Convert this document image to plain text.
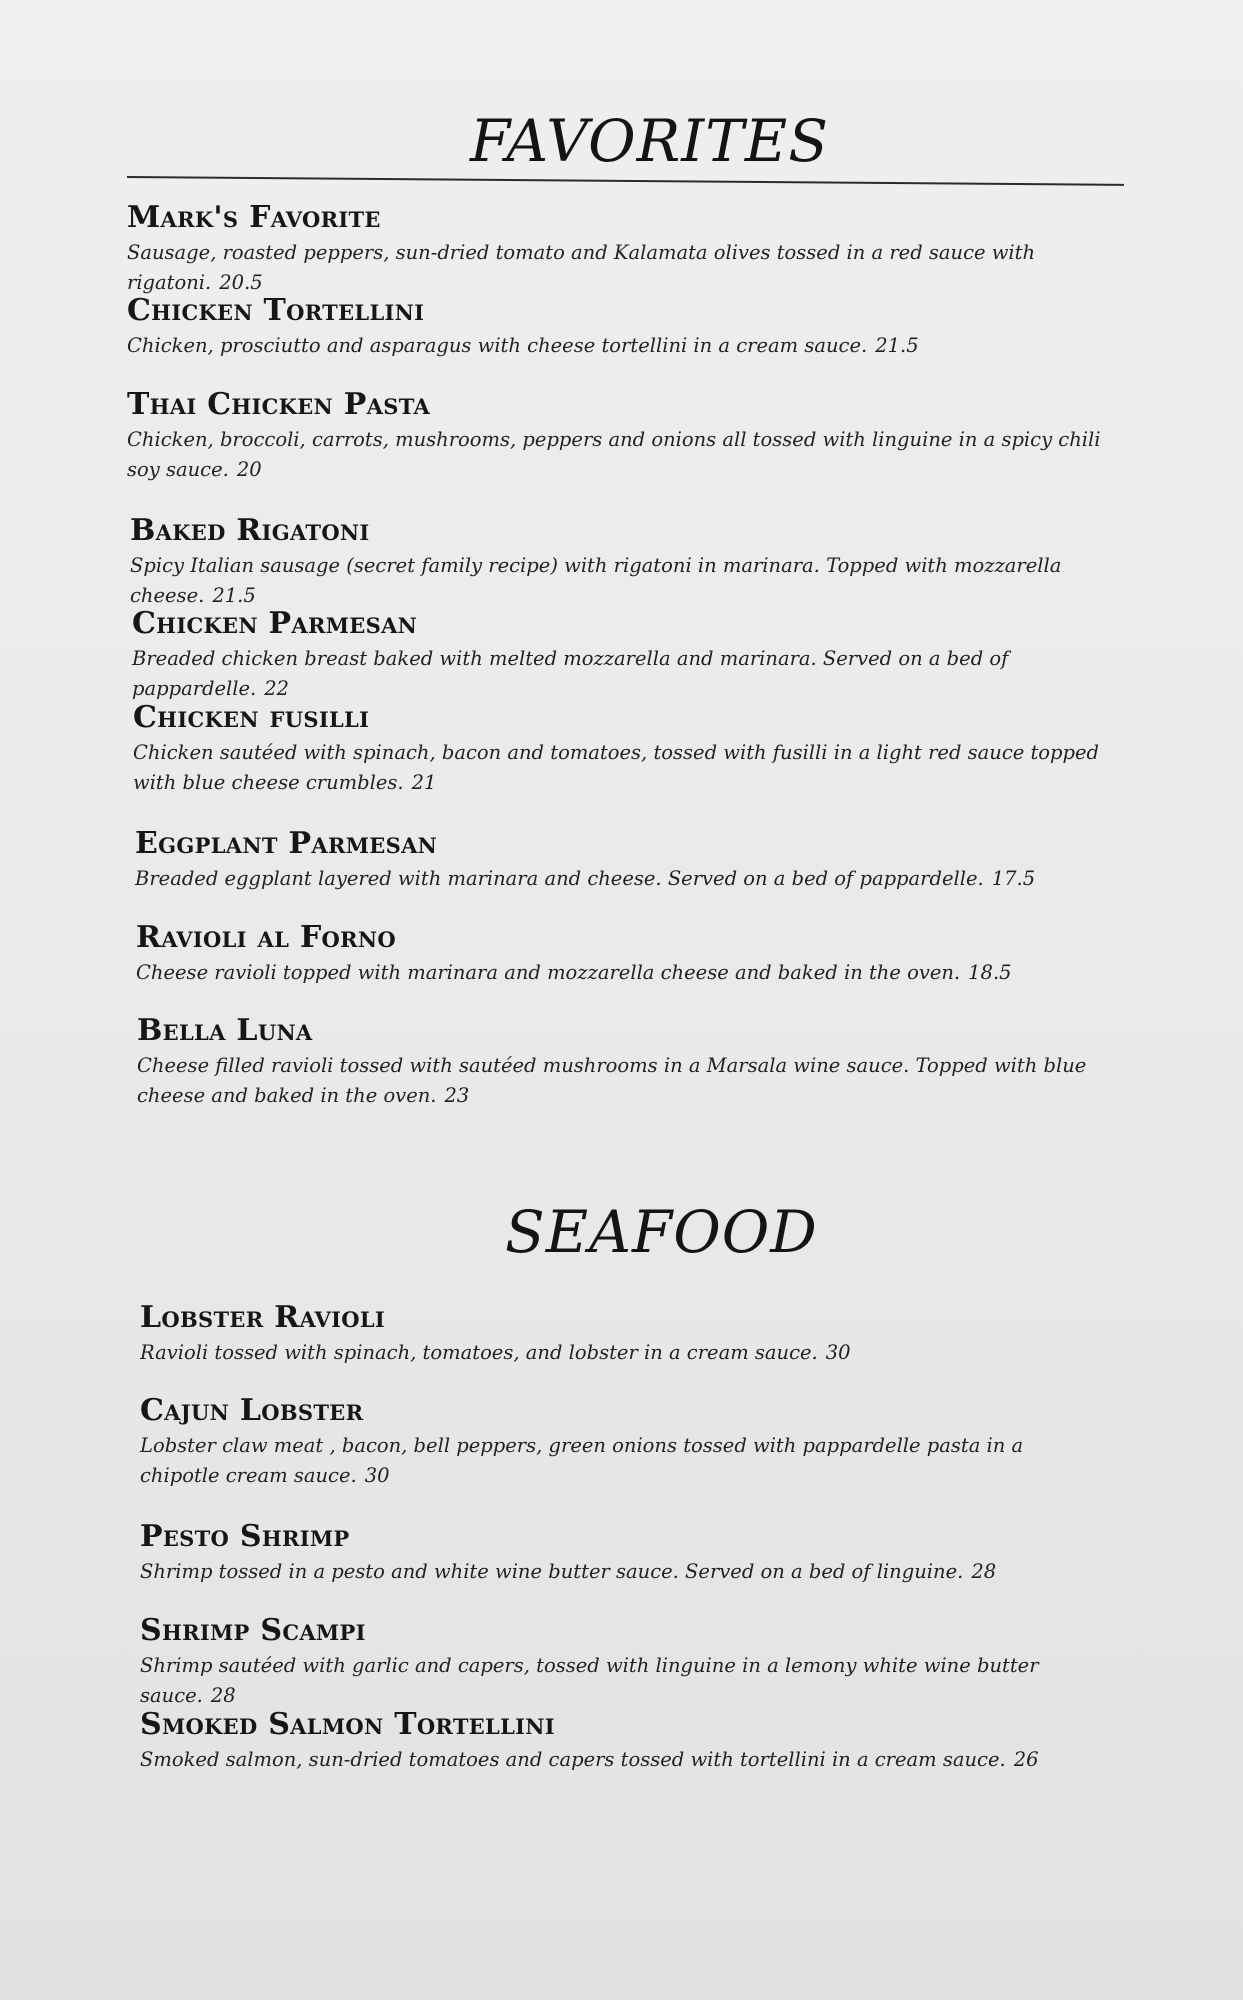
FAVORITES
Mark's Favorite
Sausage, roasted peppers, sun-dried tomato and Kalamata olives tossed in a red sauce with rigatoni. 20.5
Chicken Tortellini
Chicken, prosciutto and asparagus with cheese tortellini in a cream sauce. 21.5
Thai Chicken Pasta
Chicken, broccoli, carrots, mushrooms, peppers and onions all tossed with linguine in a spicy chili soy sauce. 20
Baked Rigatoni
Spicy Italian sausage (secret family recipe) with rigatoni in marinara. Topped with mozzarella cheese. 21.5
Chicken Parmesan
Breaded chicken breast baked with melted mozzarella and marinara. Served on a bed of pappardelle. 22
Chicken fusilli
Chicken sautéed with spinach, bacon and tomatoes, tossed with fusilli in a light red sauce topped with blue cheese crumbles. 21
Eggplant Parmesan
Breaded eggplant layered with marinara and cheese. Served on a bed of pappardelle. 17.5
Ravioli al Forno
Cheese ravioli topped with marinara and mozzarella cheese and baked in the oven. 18.5
Bella Luna
Cheese filled ravioli tossed with sautéed mushrooms in a Marsala wine sauce. Topped with blue cheese and baked in the oven. 23
SEAFOOD
Lobster Ravioli
Ravioli tossed with spinach, tomatoes, and lobster in a cream sauce. 30
Cajun Lobster
Lobster claw meat , bacon, bell peppers, green onions tossed with pappardelle pasta in a chipotle cream sauce. 30
Pesto Shrimp
Shrimp tossed in a pesto and white wine butter sauce. Served on a bed of linguine. 28
Shrimp Scampi
Shrimp sautéed with garlic and capers, tossed with linguine in a lemony white wine butter sauce. 28
Smoked Salmon Tortellini
Smoked salmon, sun-dried tomatoes and capers tossed with tortellini in a cream sauce. 26
